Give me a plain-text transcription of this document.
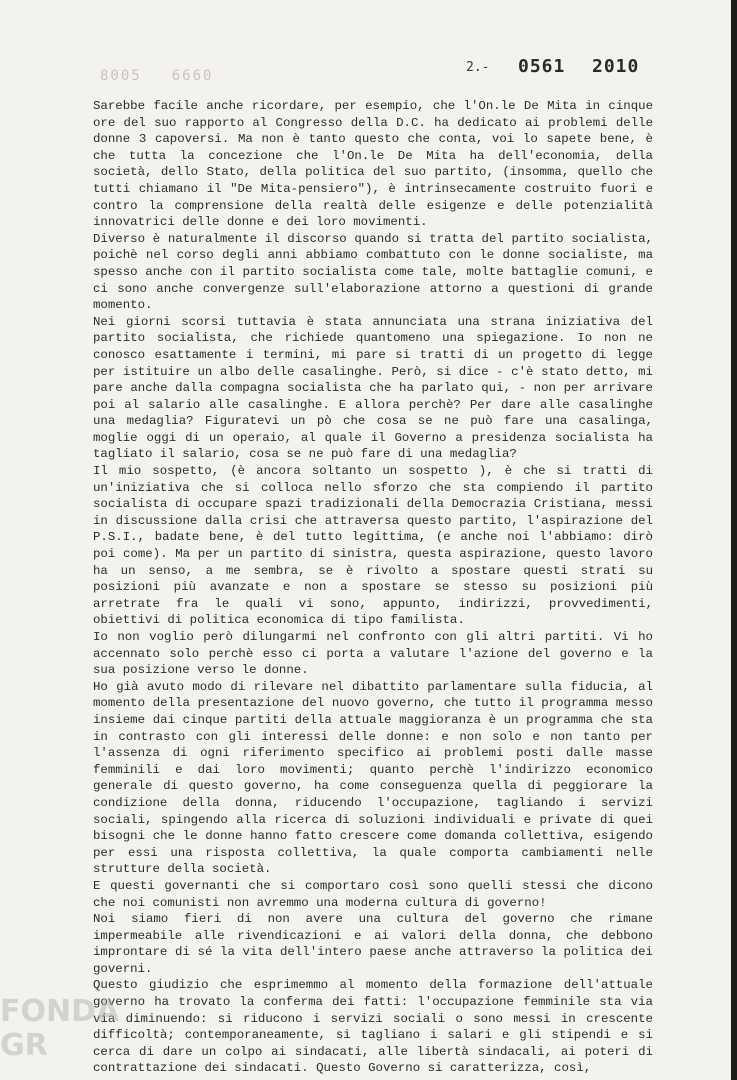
8005 6660
2.- 0561 2010

Sarebbe facile anche ricordare, per esempio, che l'On.le De Mita in cinque ore del suo rapporto al Congresso della D.C. ha dedicato ai problemi delle donne 3 capoversi. Ma non è tanto questo che conta, voi lo sapete bene, è che tutta la concezione che l'On.le De Mita ha dell'economia, della società, dello Stato, della politica del suo partito, (insomma, quello che tutti chiamano il "De Mita-pensiero"), è intrinsecamente costruito fuori e contro la comprensione della realtà delle esigenze e delle potenzialità innovatrici delle donne e dei loro movimenti.

Diverso è naturalmente il discorso quando si tratta del partito socialista, poichè nel corso degli anni abbiamo combattuto con le donne socialiste, ma spesso anche con il partito socialista come tale, molte battaglie comuni, e ci sono anche convergenze sull'elaborazione attorno a questioni di grande momento.

Nei giorni scorsi tuttavia è stata annunciata una strana iniziativa del partito socialista, che richiede quantomeno una spiegazione. Io non ne conosco esattamente i termini, mi pare si tratti di un progetto di legge per istituire un albo delle casalinghe. Però, si dice - c'è stato detto, mi pare anche dalla compagna socialista che ha parlato qui, - non per arrivare poi al salario alle casalinghe. E allora perchè? Per dare alle casalinghe una medaglia? Figuratevi un pò che cosa se ne può fare una casalinga, moglie oggi di un operaio, al quale il Governo a presidenza socialista ha tagliato il salario, cosa se ne può fare di una medaglia?

Il mio sospetto, (è ancora soltanto un sospetto ), è che si tratti di un'iniziativa che si colloca nello sforzo che sta compiendo il partito socialista di occupare spazi tradizionali della Democrazia Cristiana, messi in discussione dalla crisi che attraversa questo partito, l'aspirazione del P.S.I., badate bene, è del tutto legittima, (e anche noi l'abbiamo: dirò poi come). Ma per un partito di sinistra, questa aspirazione, questo lavoro ha un senso, a me sembra, se è rivolto a spostare questi strati su posizioni più avanzate e non a spostare se stesso su posizioni più arretrate fra le quali vi sono, appunto, indirizzi, provvedimenti, obiettivi di politica economica di tipo familista.

Io non voglio però dilungarmi nel confronto con gli altri partiti. Vi ho accennato solo perchè esso ci porta a valutare l'azione del governo e la sua posizione verso le donne.

Ho già avuto modo di rilevare nel dibattito parlamentare sulla fiducia, al momento della presentazione del nuovo governo, che tutto il programma messo insieme dai cinque partiti della attuale maggioranza è un programma che sta in contrasto con gli interessi delle donne: e non solo e non tanto per l'assenza di ogni riferimento specifico ai problemi posti dalle masse femminili e dai loro movimenti; quanto perchè l'indirizzo economico generale di questo governo, ha come conseguenza quella di peggiorare la condizione della donna, riducendo l'occupazione, tagliando i servizi sociali, spingendo alla ricerca di soluzioni individuali e private di quei bisogni che le donne hanno fatto crescere come domanda collettiva, esigendo per essi una risposta collettiva, la quale comporta cambiamenti nelle strutture della società.

E questi governanti che si comportaro così sono quelli stessi che dicono che noi comunisti non avremmo una moderna cultura di governo!

Noi siamo fieri di non avere una cultura del governo che rimane impermeabile alle rivendicazioni e ai valori della donna, che debbono improntare di sé la vita dell'intero paese anche attraverso la politica dei governi.

Questo giudizio che esprimemmo al momento della formazione dell'attuale governo ha trovato la conferma dei fatti: l'occupazione femminile sta via via diminuendo: si riducono i servizi sociali o sono messi in crescente difficoltà; contemporaneamente, si tagliano i salari e gli stipendi e si cerca di dare un colpo ai sindacati, alle libertà sindacali, ai poteri di contrattazione dei sindacati. Questo Governo si caratterizza, così,

FONDA
GR
